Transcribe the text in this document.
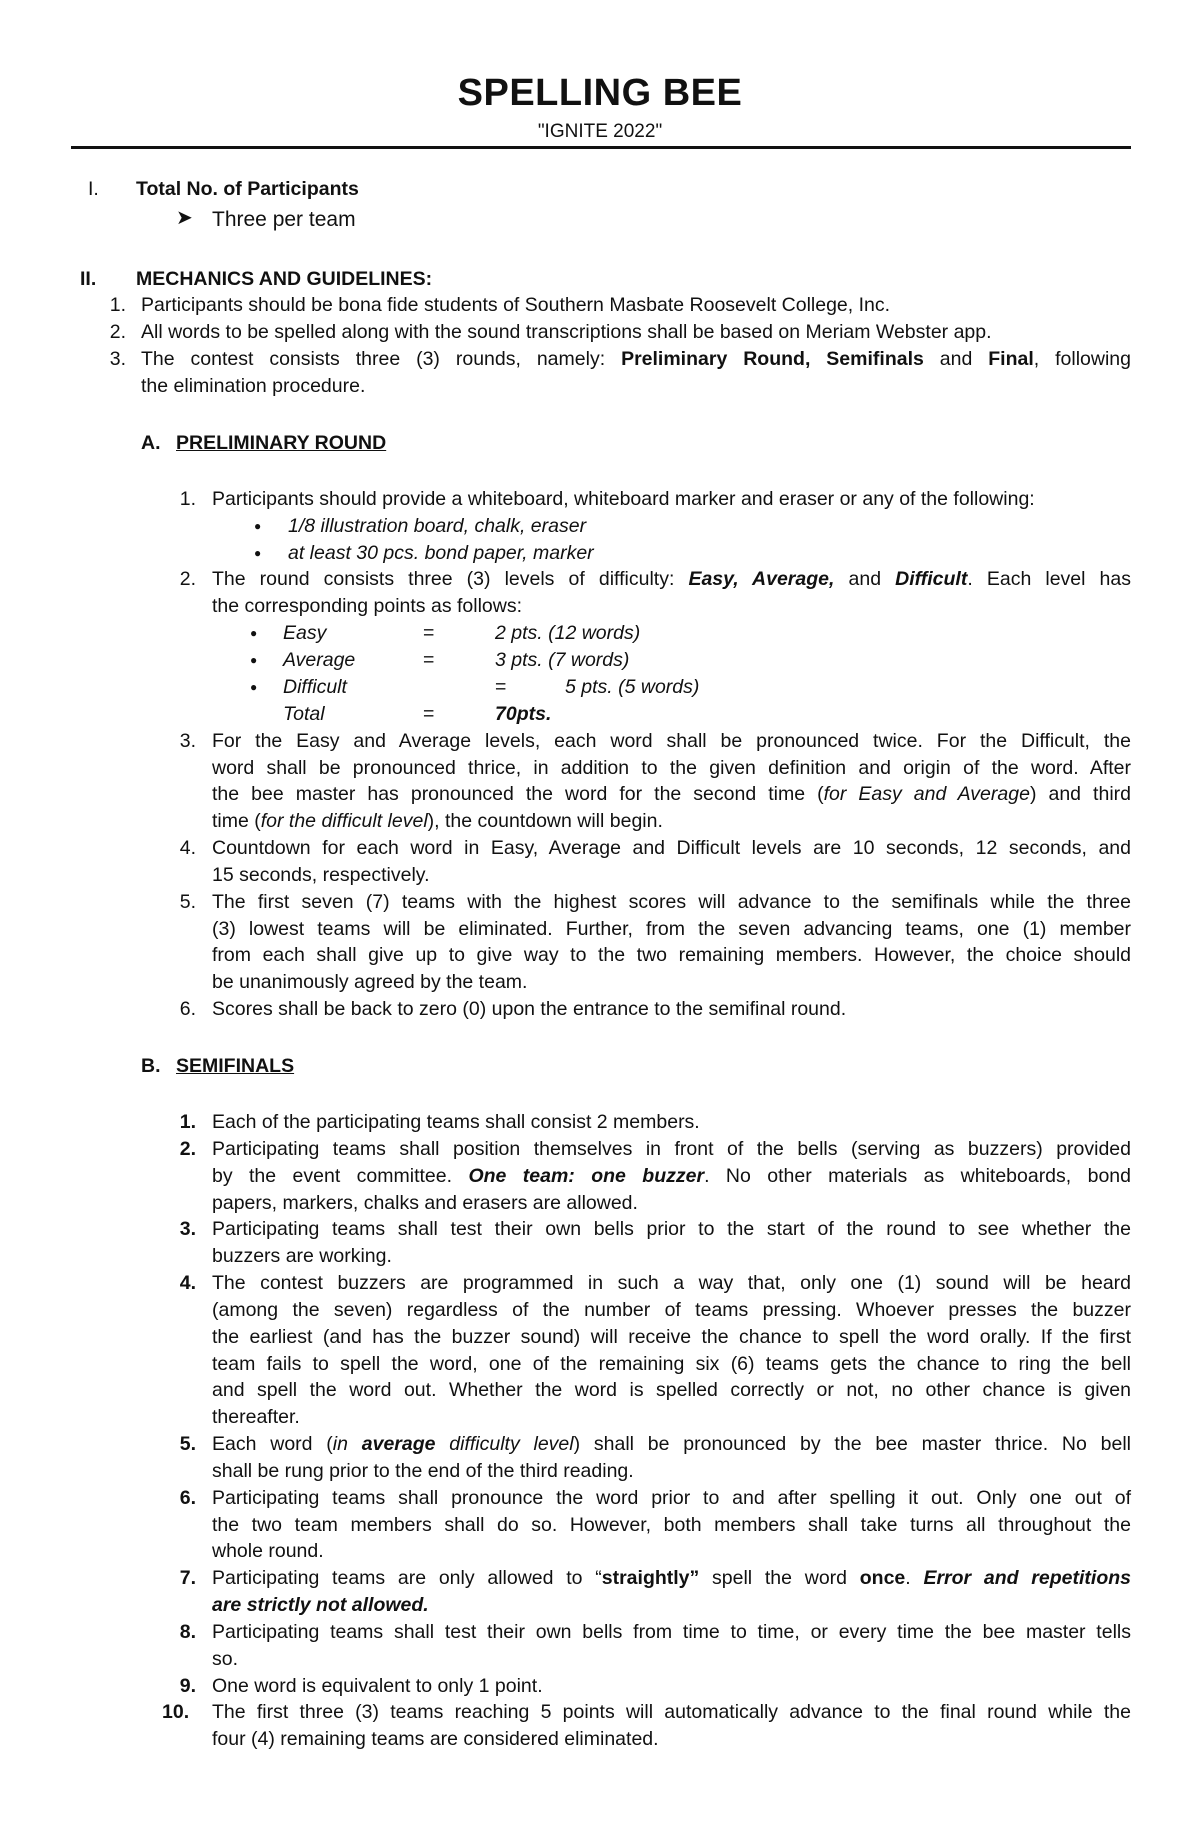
SPELLING BEE
"IGNITE 2022"
I. Total No. of Participants
➤ Three per team
II. MECHANICS AND GUIDELINES:
1. Participants should be bona fide students of Southern Masbate Roosevelt College, Inc.
2. All words to be spelled along with the sound transcriptions shall be based on Meriam Webster app.
3. The contest consists three (3) rounds, namely: Preliminary Round, Semifinals and Final, following
the elimination procedure.
A. PRELIMINARY ROUND
1. Participants should provide a whiteboard, whiteboard marker and eraser or any of the following:
● 1/8 illustration board, chalk, eraser
● at least 30 pcs. bond paper, marker
2. The round consists three (3) levels of difficulty: Easy, Average, and Difficult. Each level has
the corresponding points as follows:
● Easy	=	2 pts. (12 words)
● Average	=	3 pts. (7 words)
● Difficult	=	5 pts. (5 words)
Total	=	70pts.
3. For the Easy and Average levels, each word shall be pronounced twice. For the Difficult, the
word shall be pronounced thrice, in addition to the given definition and origin of the word. After
the bee master has pronounced the word for the second time (for Easy and Average) and third
time (for the difficult level), the countdown will begin.
4. Countdown for each word in Easy, Average and Difficult levels are 10 seconds, 12 seconds, and
15 seconds, respectively.
5. The first seven (7) teams with the highest scores will advance to the semifinals while the three
(3) lowest teams will be eliminated. Further, from the seven advancing teams, one (1) member
from each shall give up to give way to the two remaining members. However, the choice should
be unanimously agreed by the team.
6. Scores shall be back to zero (0) upon the entrance to the semifinal round.
B. SEMIFINALS
1. Each of the participating teams shall consist 2 members.
2. Participating teams shall position themselves in front of the bells (serving as buzzers) provided
by the event committee. One team: one buzzer. No other materials as whiteboards, bond
papers, markers, chalks and erasers are allowed.
3. Participating teams shall test their own bells prior to the start of the round to see whether the
buzzers are working.
4. The contest buzzers are programmed in such a way that, only one (1) sound will be heard
(among the seven) regardless of the number of teams pressing. Whoever presses the buzzer
the earliest (and has the buzzer sound) will receive the chance to spell the word orally. If the first
team fails to spell the word, one of the remaining six (6) teams gets the chance to ring the bell
and spell the word out. Whether the word is spelled correctly or not, no other chance is given
thereafter.
5. Each word (in average difficulty level) shall be pronounced by the bee master thrice. No bell
shall be rung prior to the end of the third reading.
6. Participating teams shall pronounce the word prior to and after spelling it out. Only one out of
the two team members shall do so. However, both members shall take turns all throughout the
whole round.
7. Participating teams are only allowed to “straightly” spell the word once. Error and repetitions
are strictly not allowed.
8. Participating teams shall test their own bells from time to time, or every time the bee master tells
so.
9. One word is equivalent to only 1 point.
10.	The first three (3) teams reaching 5 points will automatically advance to the final round while the
four (4) remaining teams are considered eliminated.
